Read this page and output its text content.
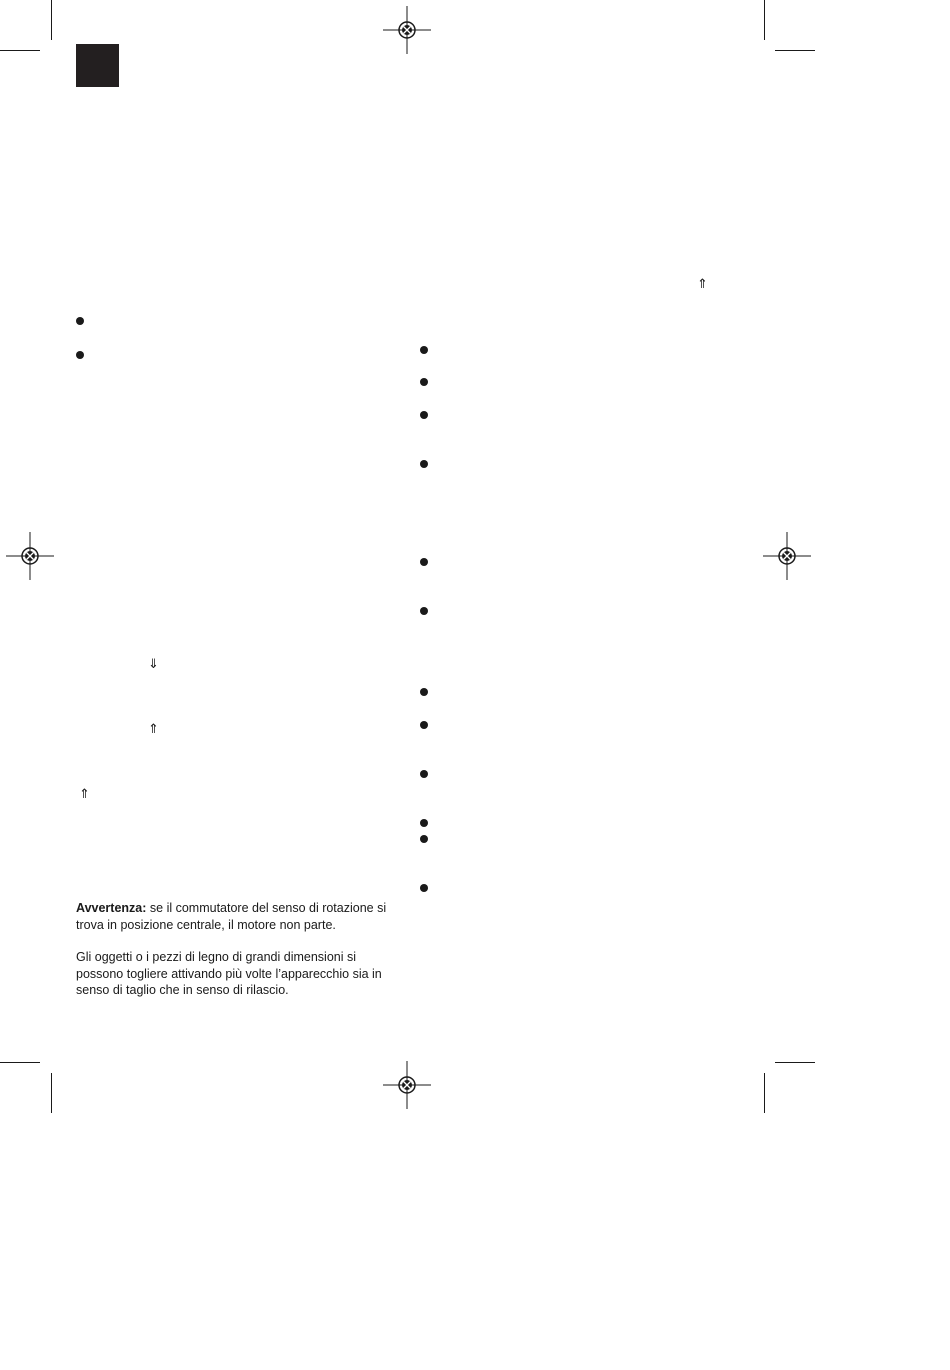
⇑
⇓
⇑
⇑
Avvertenza: se il commutatore del senso di rotazione si trova in posizione centrale, il motore non parte.
Gli oggetti o i pezzi di legno di grandi dimensioni si possono togliere attivando più volte l’apparecchio sia in senso di taglio che in senso di rilascio.
